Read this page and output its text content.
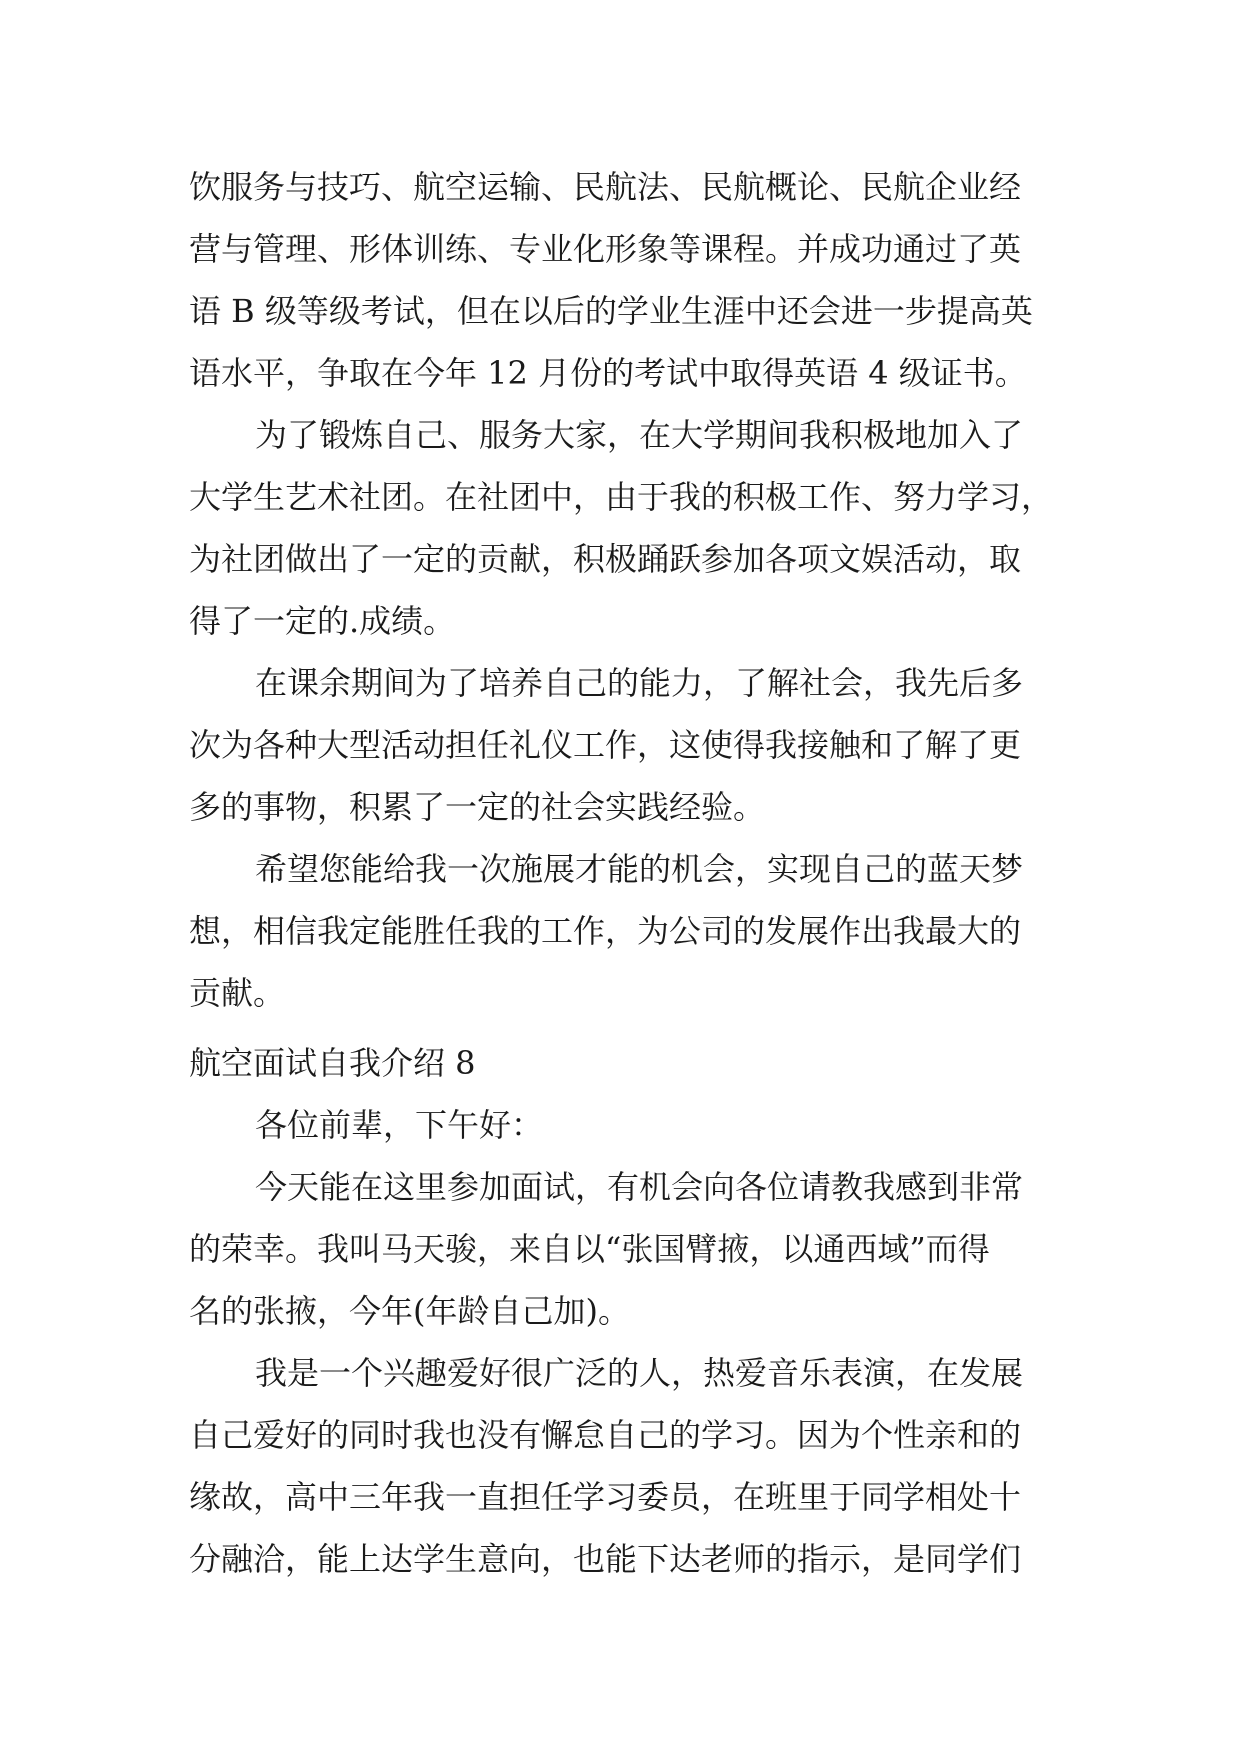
饮服务与技巧、航空运输、民航法、民航概论、民航企业经
营与管理、形体训练、专业化形象等课程。并成功通过了英
语 B 级等级考试，但在以后的学业生涯中还会进一步提高英
语水平，争取在今年 12 月份的考试中取得英语 4 级证书。
为了锻炼自己、服务大家，在大学期间我积极地加入了
大学生艺术社团。在社团中，由于我的积极工作、努力学习，
为社团做出了一定的贡献，积极踊跃参加各项文娱活动，取
得了一定的.成绩。
在课余期间为了培养自己的能力，了解社会，我先后多
次为各种大型活动担任礼仪工作，这使得我接触和了解了更
多的事物，积累了一定的社会实践经验。
希望您能给我一次施展才能的机会，实现自己的蓝天梦
想，相信我定能胜任我的工作，为公司的发展作出我最大的
贡献。
航空面试自我介绍 8
各位前辈，下午好：
今天能在这里参加面试，有机会向各位请教我感到非常
的荣幸。我叫马天骏，来自以“张国臂掖，以通西域”而得
名的张掖，今年(年龄自己加)。
我是一个兴趣爱好很广泛的人，热爱音乐表演，在发展
自己爱好的同时我也没有懈怠自己的学习。因为个性亲和的
缘故，高中三年我一直担任学习委员，在班里于同学相处十
分融洽，能上达学生意向，也能下达老师的指示，是同学们
